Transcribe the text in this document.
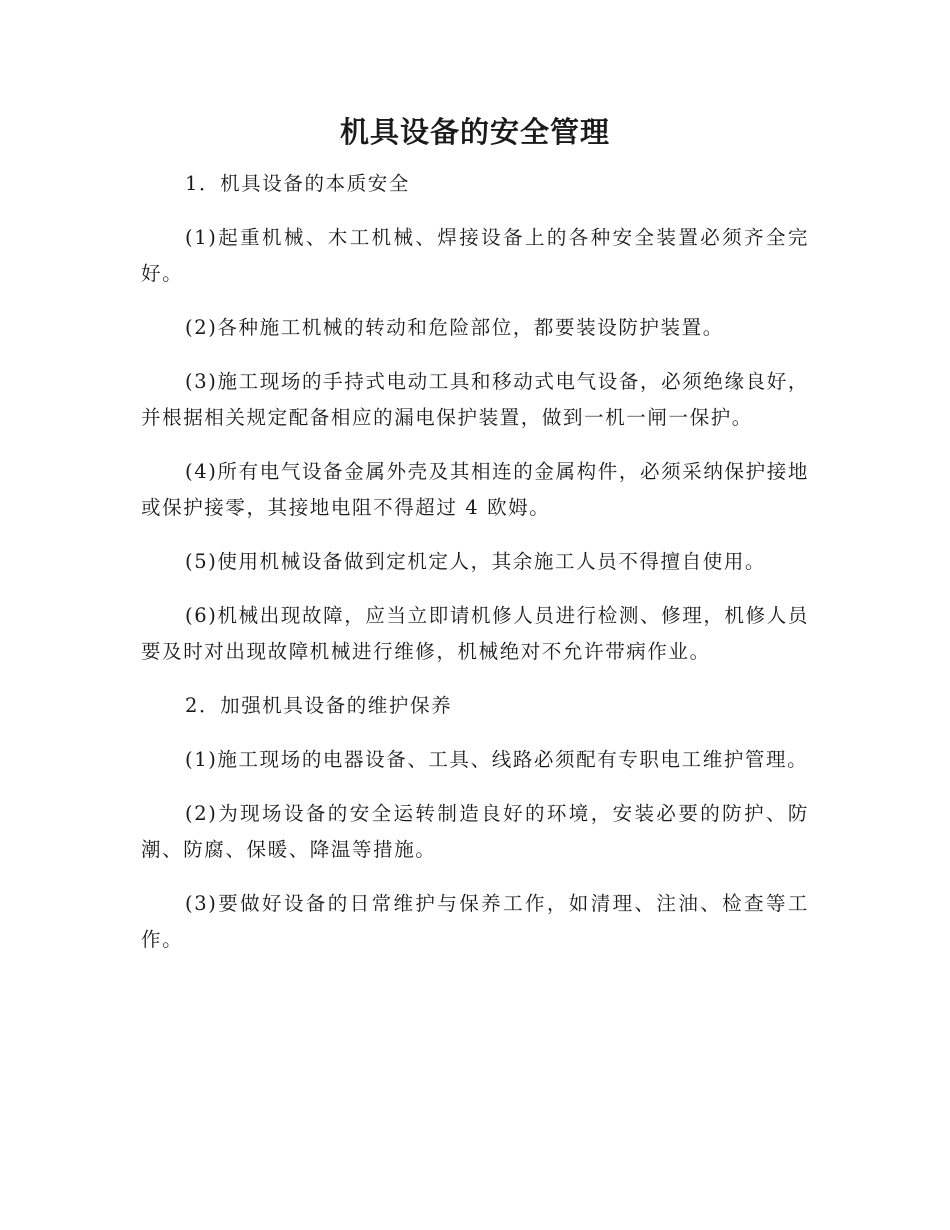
机具设备的安全管理

1．机具设备的本质安全

(1)起重机械、木工机械、焊接设备上的各种安全装置必须齐全完好。

(2)各种施工机械的转动和危险部位，都要装设防护装置。

(3)施工现场的手持式电动工具和移动式电气设备，必须绝缘良好，并根据相关规定配备相应的漏电保护装置，做到一机一闸一保护。

(4)所有电气设备金属外壳及其相连的金属构件，必须采纳保护接地或保护接零，其接地电阻不得超过 4 欧姆。

(5)使用机械设备做到定机定人，其余施工人员不得擅自使用。

(6)机械出现故障，应当立即请机修人员进行检测、修理，机修人员要及时对出现故障机械进行维修，机械绝对不允许带病作业。

2．加强机具设备的维护保养

(1)施工现场的电器设备、工具、线路必须配有专职电工维护管理。

(2)为现场设备的安全运转制造良好的环境，安装必要的防护、防潮、防腐、保暖、降温等措施。

(3)要做好设备的日常维护与保养工作，如清理、注油、检查等工作。
